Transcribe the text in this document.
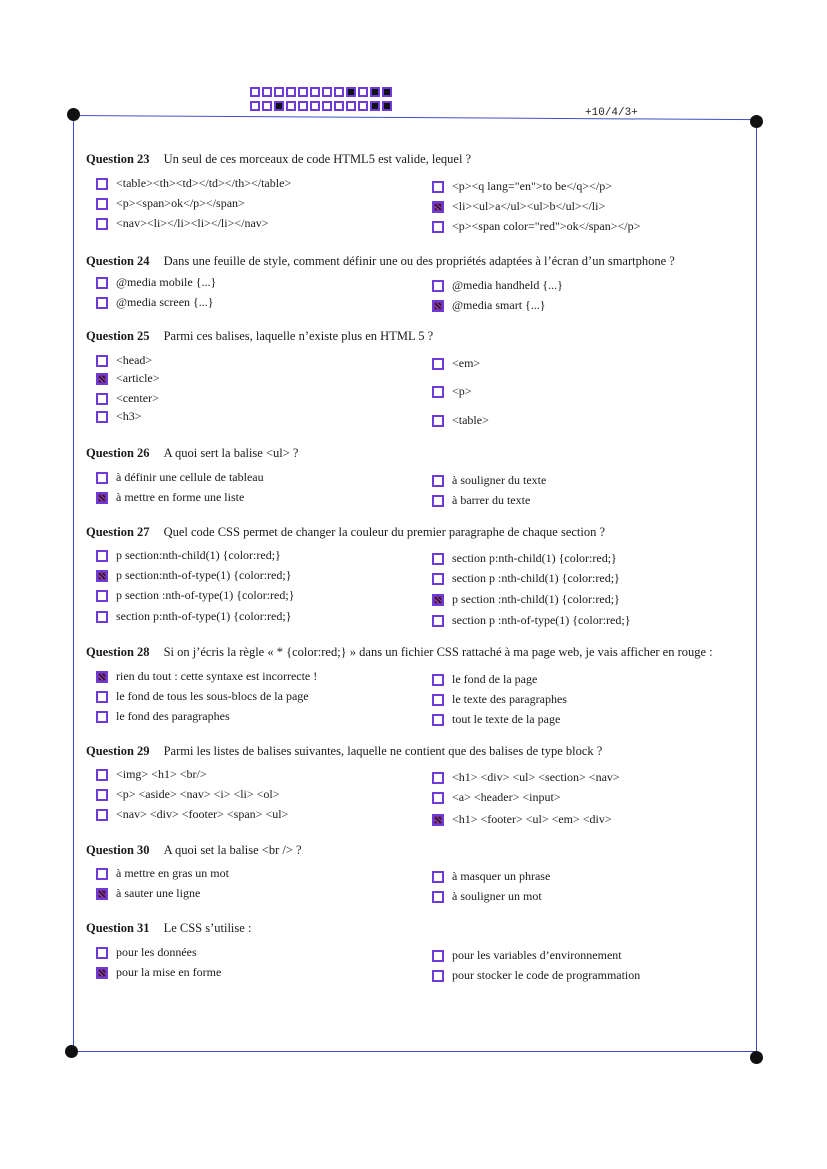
+10/4/3+
Question 23 Un seul de ces morceaux de code HTML5 est valide, lequel ?
<table><th><td></td></th></table>
<p><span>ok</p></span>
<nav><li></li><li></li></nav>
<p><q lang="en">to be</q></p>
<li><ul>a</ul><ul>b</ul></li>
<p><span color="red">ok</span></p>
Question 24 Dans une feuille de style, comment définir une ou des propriétés adaptées à l’écran d’un smartphone ?
@media mobile {...}
@media screen {...}
@media handheld {...}
@media smart {...}
Question 25 Parmi ces balises, laquelle n’existe plus en HTML 5 ?
<head>
<article>
<center>
<h3>
<em>
<p>
<table>
Question 26 A quoi sert la balise <ul> ?
à définir une cellule de tableau
à mettre en forme une liste
à souligner du texte
à barrer du texte
Question 27 Quel code CSS permet de changer la couleur du premier paragraphe de chaque section ?
p section:nth-child(1) {color:red;}
p section:nth-of-type(1) {color:red;}
p section :nth-of-type(1) {color:red;}
section p:nth-of-type(1) {color:red;}
section p:nth-child(1) {color:red;}
section p :nth-child(1) {color:red;}
p section :nth-child(1) {color:red;}
section p :nth-of-type(1) {color:red;}
Question 28 Si on j’écris la règle « * {color:red;} » dans un fichier CSS rattaché à ma page web, je vais afficher en rouge :
rien du tout : cette syntaxe est incorrecte !
le fond de tous les sous-blocs de la page
le fond des paragraphes
le fond de la page
le texte des paragraphes
tout le texte de la page
Question 29 Parmi les listes de balises suivantes, laquelle ne contient que des balises de type block ?
<img> <h1> <br/>
<p> <aside> <nav> <i> <li> <ol>
<nav> <div> <footer> <span> <ul>
<h1> <div> <ul> <section> <nav>
<a> <header> <input>
<h1> <footer> <ul> <em> <div>
Question 30 A quoi set la balise <br /> ?
à mettre en gras un mot
à sauter une ligne
à masquer un phrase
à souligner un mot
Question 31 Le CSS s’utilise :
pour les données
pour la mise en forme
pour les variables d’environnement
pour stocker le code de programmation
